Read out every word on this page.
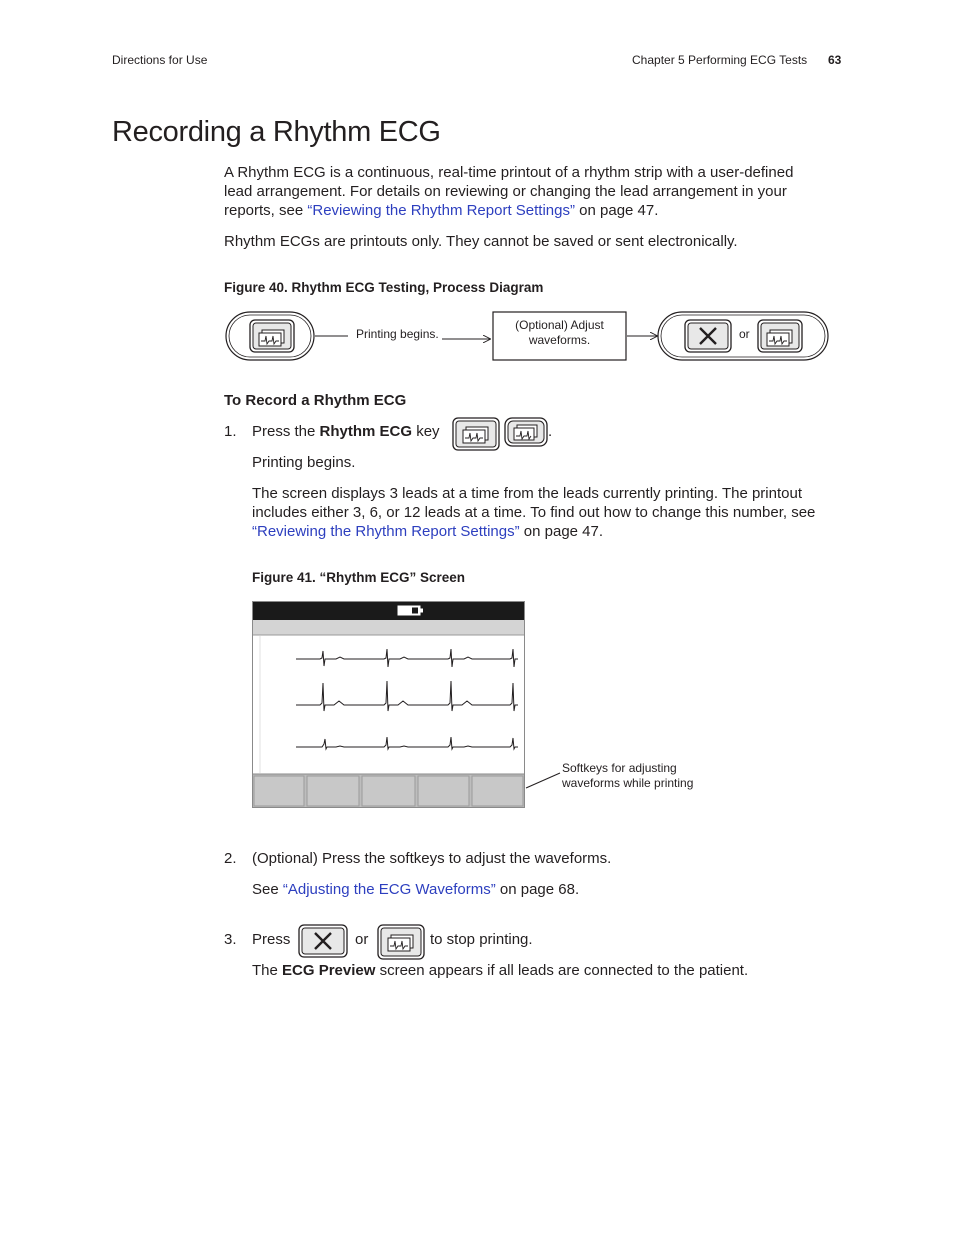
Directions for Use	Chapter 5 Performing ECG Tests 63
Recording a Rhythm ECG
A Rhythm ECG is a continuous, real-time printout of a rhythm strip with a user-defined
lead arrangement. For details on reviewing or changing the lead arrangement in your
reports, see “Reviewing the Rhythm Report Settings” on page 47.
Rhythm ECGs are printouts only. They cannot be saved or sent electronically.
Figure 40. Rhythm ECG Testing, Process Diagram
Printing begins.
(Optional) Adjust
waveforms.	or
To Record a Rhythm ECG
1. Press the Rhythm ECG key	.
Printing begins.
The screen displays 3 leads at a time from the leads currently printing. The printout
includes either 3, 6, or 12 leads at a time. To find out how to change this number, see
“Reviewing the Rhythm Report Settings” on page 47.
Figure 41. “Rhythm ECG” Screen
Softkeys for adjusting
waveforms while printing
2. (Optional) Press the softkeys to adjust the waveforms.
See “Adjusting the ECG Waveforms” on page 68.
3. Press	or	to stop printing.
The ECG Preview screen appears if all leads are connected to the patient.
